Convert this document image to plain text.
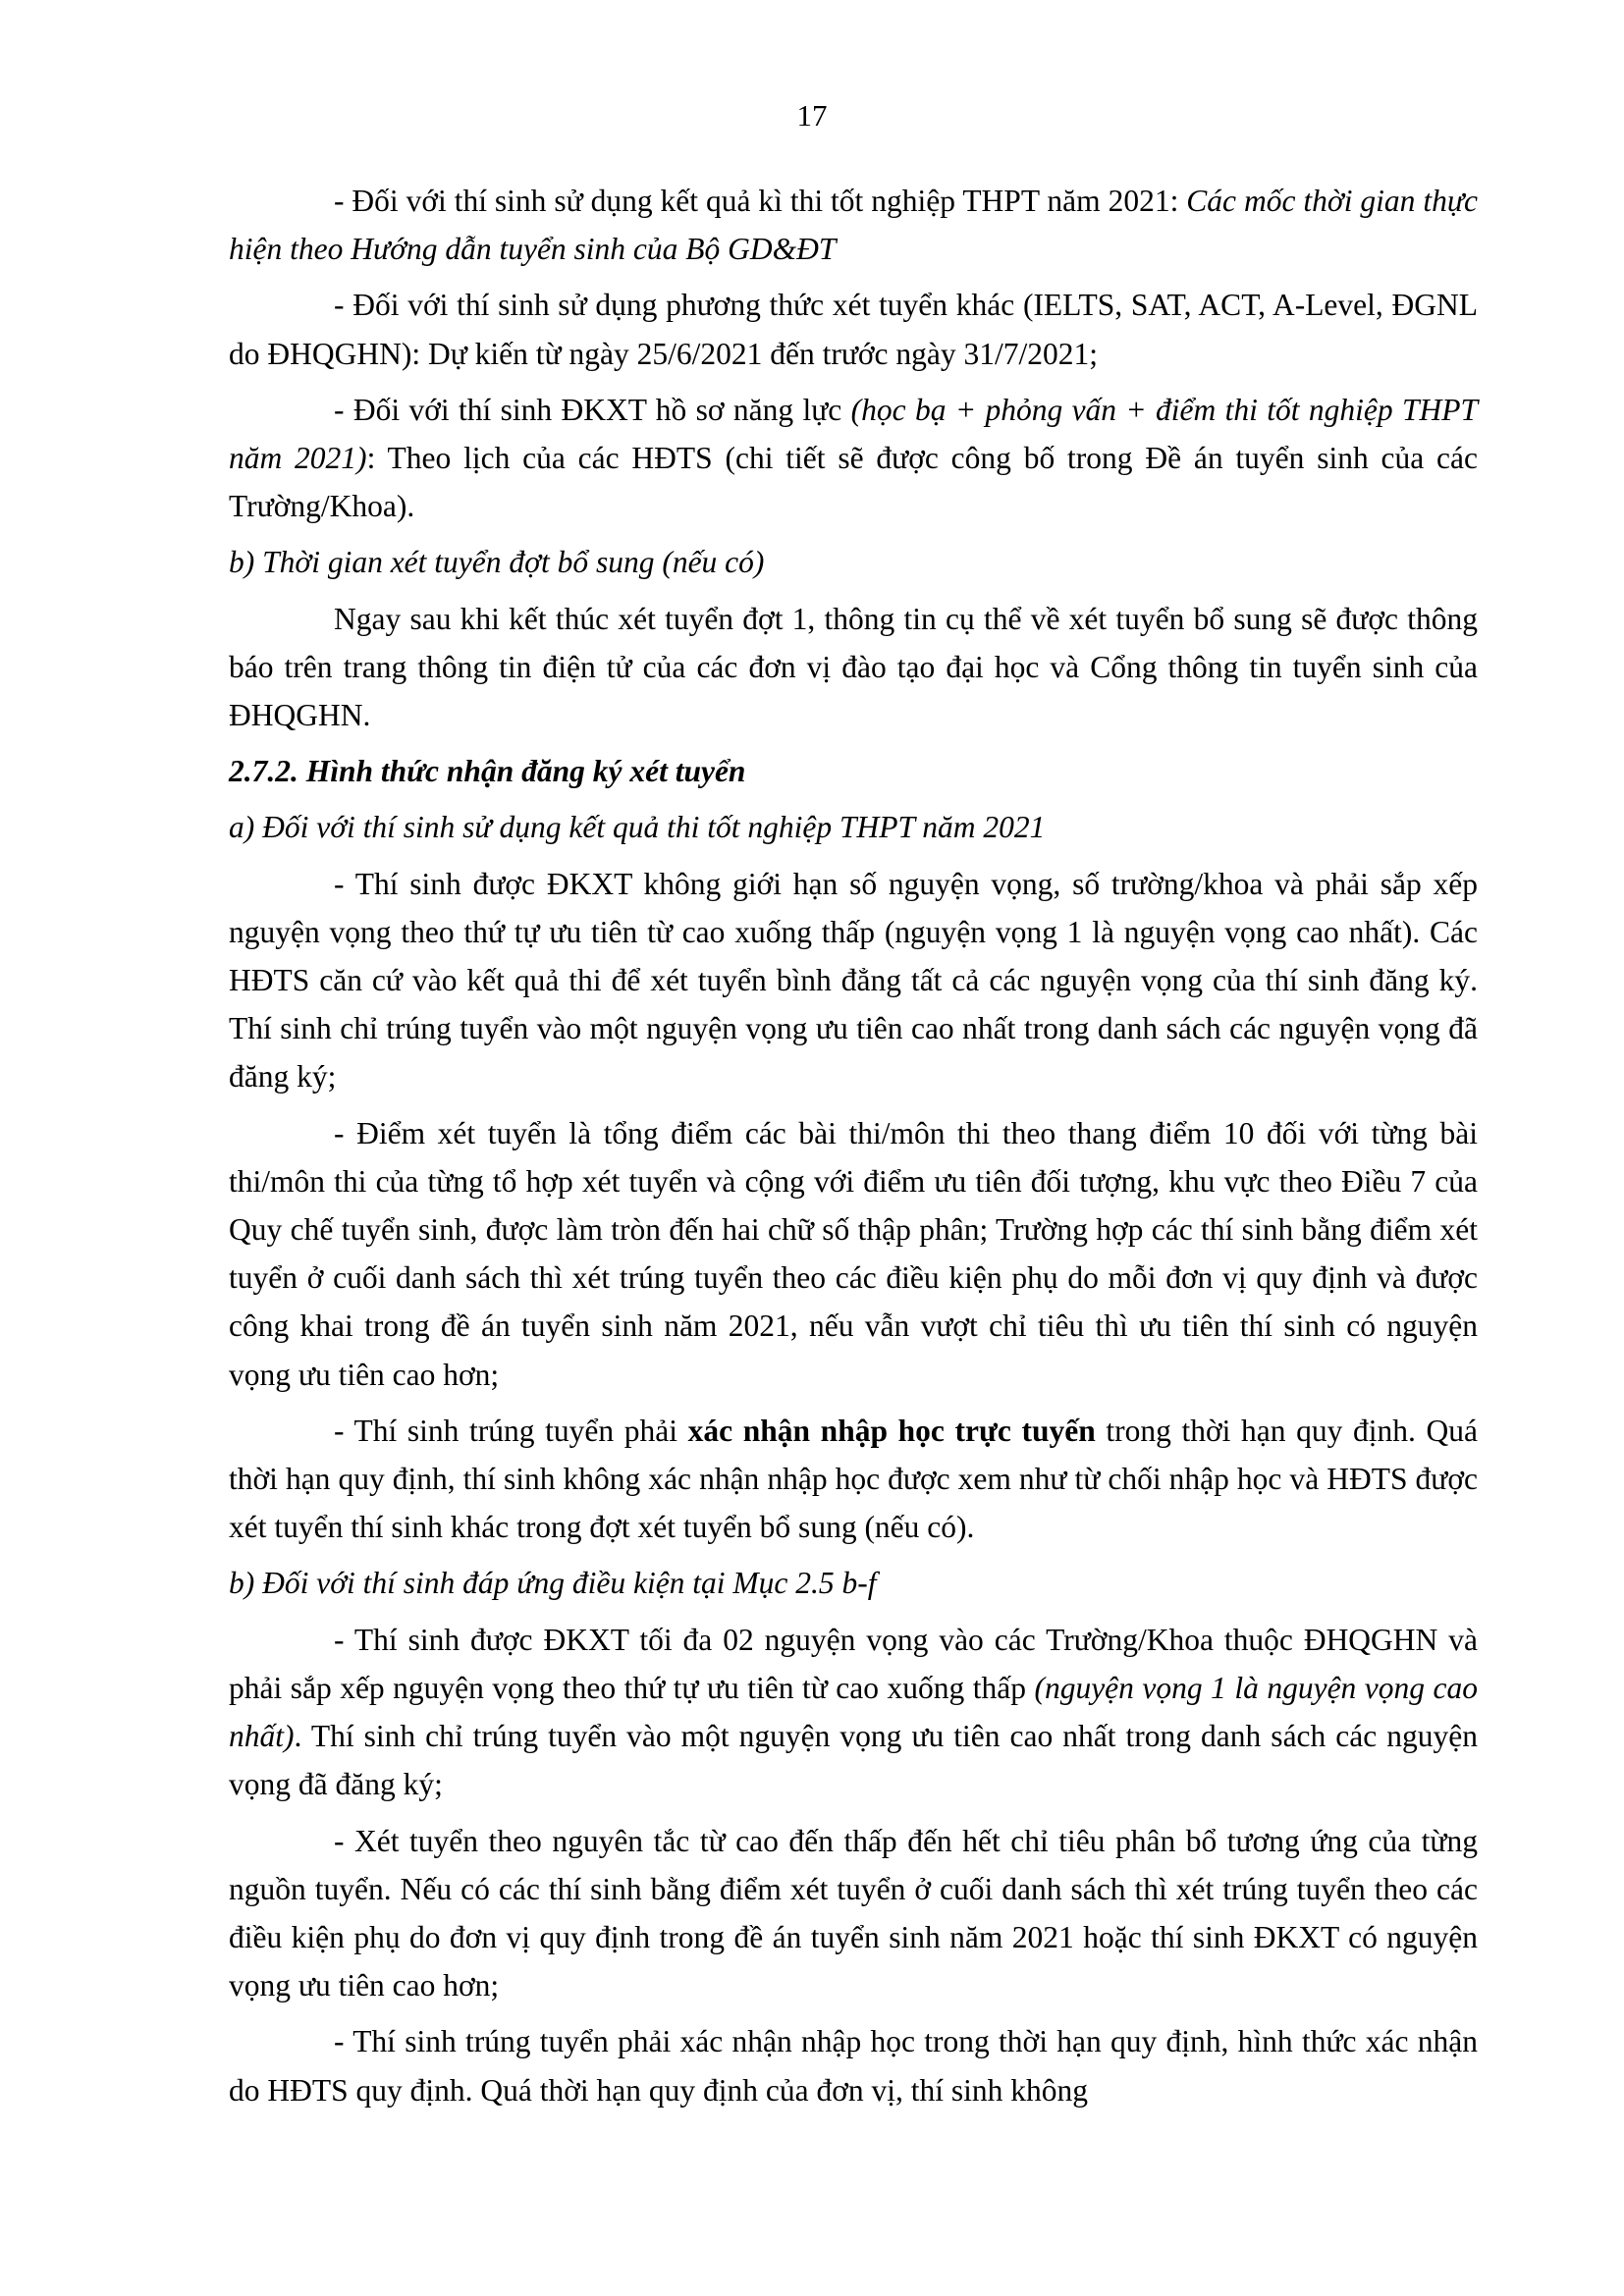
17

- Đối với thí sinh sử dụng kết quả kì thi tốt nghiệp THPT năm 2021: Các mốc thời gian thực hiện theo Hướng dẫn tuyển sinh của Bộ GD&ĐT

- Đối với thí sinh sử dụng phương thức xét tuyển khác (IELTS, SAT, ACT, A-Level, ĐGNL do ĐHQGHN): Dự kiến từ ngày 25/6/2021 đến trước ngày 31/7/2021;

- Đối với thí sinh ĐKXT hồ sơ năng lực (học bạ + phỏng vấn + điểm thi tốt nghiệp THPT năm 2021): Theo lịch của các HĐTS (chi tiết sẽ được công bố trong Đề án tuyển sinh của các Trường/Khoa).

b) Thời gian xét tuyển đợt bổ sung (nếu có)

Ngay sau khi kết thúc xét tuyển đợt 1, thông tin cụ thể về xét tuyển bổ sung sẽ được thông báo trên trang thông tin điện tử của các đơn vị đào tạo đại học và Cổng thông tin tuyển sinh của ĐHQGHN.

2.7.2. Hình thức nhận đăng ký xét tuyển

a) Đối với thí sinh sử dụng kết quả thi tốt nghiệp THPT năm 2021

- Thí sinh được ĐKXT không giới hạn số nguyện vọng, số trường/khoa và phải sắp xếp nguyện vọng theo thứ tự ưu tiên từ cao xuống thấp (nguyện vọng 1 là nguyện vọng cao nhất). Các HĐTS căn cứ vào kết quả thi để xét tuyển bình đẳng tất cả các nguyện vọng của thí sinh đăng ký. Thí sinh chỉ trúng tuyển vào một nguyện vọng ưu tiên cao nhất trong danh sách các nguyện vọng đã đăng ký;

- Điểm xét tuyển là tổng điểm các bài thi/môn thi theo thang điểm 10 đối với từng bài thi/môn thi của từng tổ hợp xét tuyển và cộng với điểm ưu tiên đối tượng, khu vực theo Điều 7 của Quy chế tuyển sinh, được làm tròn đến hai chữ số thập phân; Trường hợp các thí sinh bằng điểm xét tuyển ở cuối danh sách thì xét trúng tuyển theo các điều kiện phụ do mỗi đơn vị quy định và được công khai trong đề án tuyển sinh năm 2021, nếu vẫn vượt chỉ tiêu thì ưu tiên thí sinh có nguyện vọng ưu tiên cao hơn;

- Thí sinh trúng tuyển phải xác nhận nhập học trực tuyến trong thời hạn quy định. Quá thời hạn quy định, thí sinh không xác nhận nhập học được xem như từ chối nhập học và HĐTS được xét tuyển thí sinh khác trong đợt xét tuyển bổ sung (nếu có).

b) Đối với thí sinh đáp ứng điều kiện tại Mục 2.5 b-f

- Thí sinh được ĐKXT tối đa 02 nguyện vọng vào các Trường/Khoa thuộc ĐHQGHN và phải sắp xếp nguyện vọng theo thứ tự ưu tiên từ cao xuống thấp (nguyện vọng 1 là nguyện vọng cao nhất). Thí sinh chỉ trúng tuyển vào một nguyện vọng ưu tiên cao nhất trong danh sách các nguyện vọng đã đăng ký;

- Xét tuyển theo nguyên tắc từ cao đến thấp đến hết chỉ tiêu phân bổ tương ứng của từng nguồn tuyển. Nếu có các thí sinh bằng điểm xét tuyển ở cuối danh sách thì xét trúng tuyển theo các điều kiện phụ do đơn vị quy định trong đề án tuyển sinh năm 2021 hoặc thí sinh ĐKXT có nguyện vọng ưu tiên cao hơn;

- Thí sinh trúng tuyển phải xác nhận nhập học trong thời hạn quy định, hình thức xác nhận do HĐTS quy định. Quá thời hạn quy định của đơn vị, thí sinh không
